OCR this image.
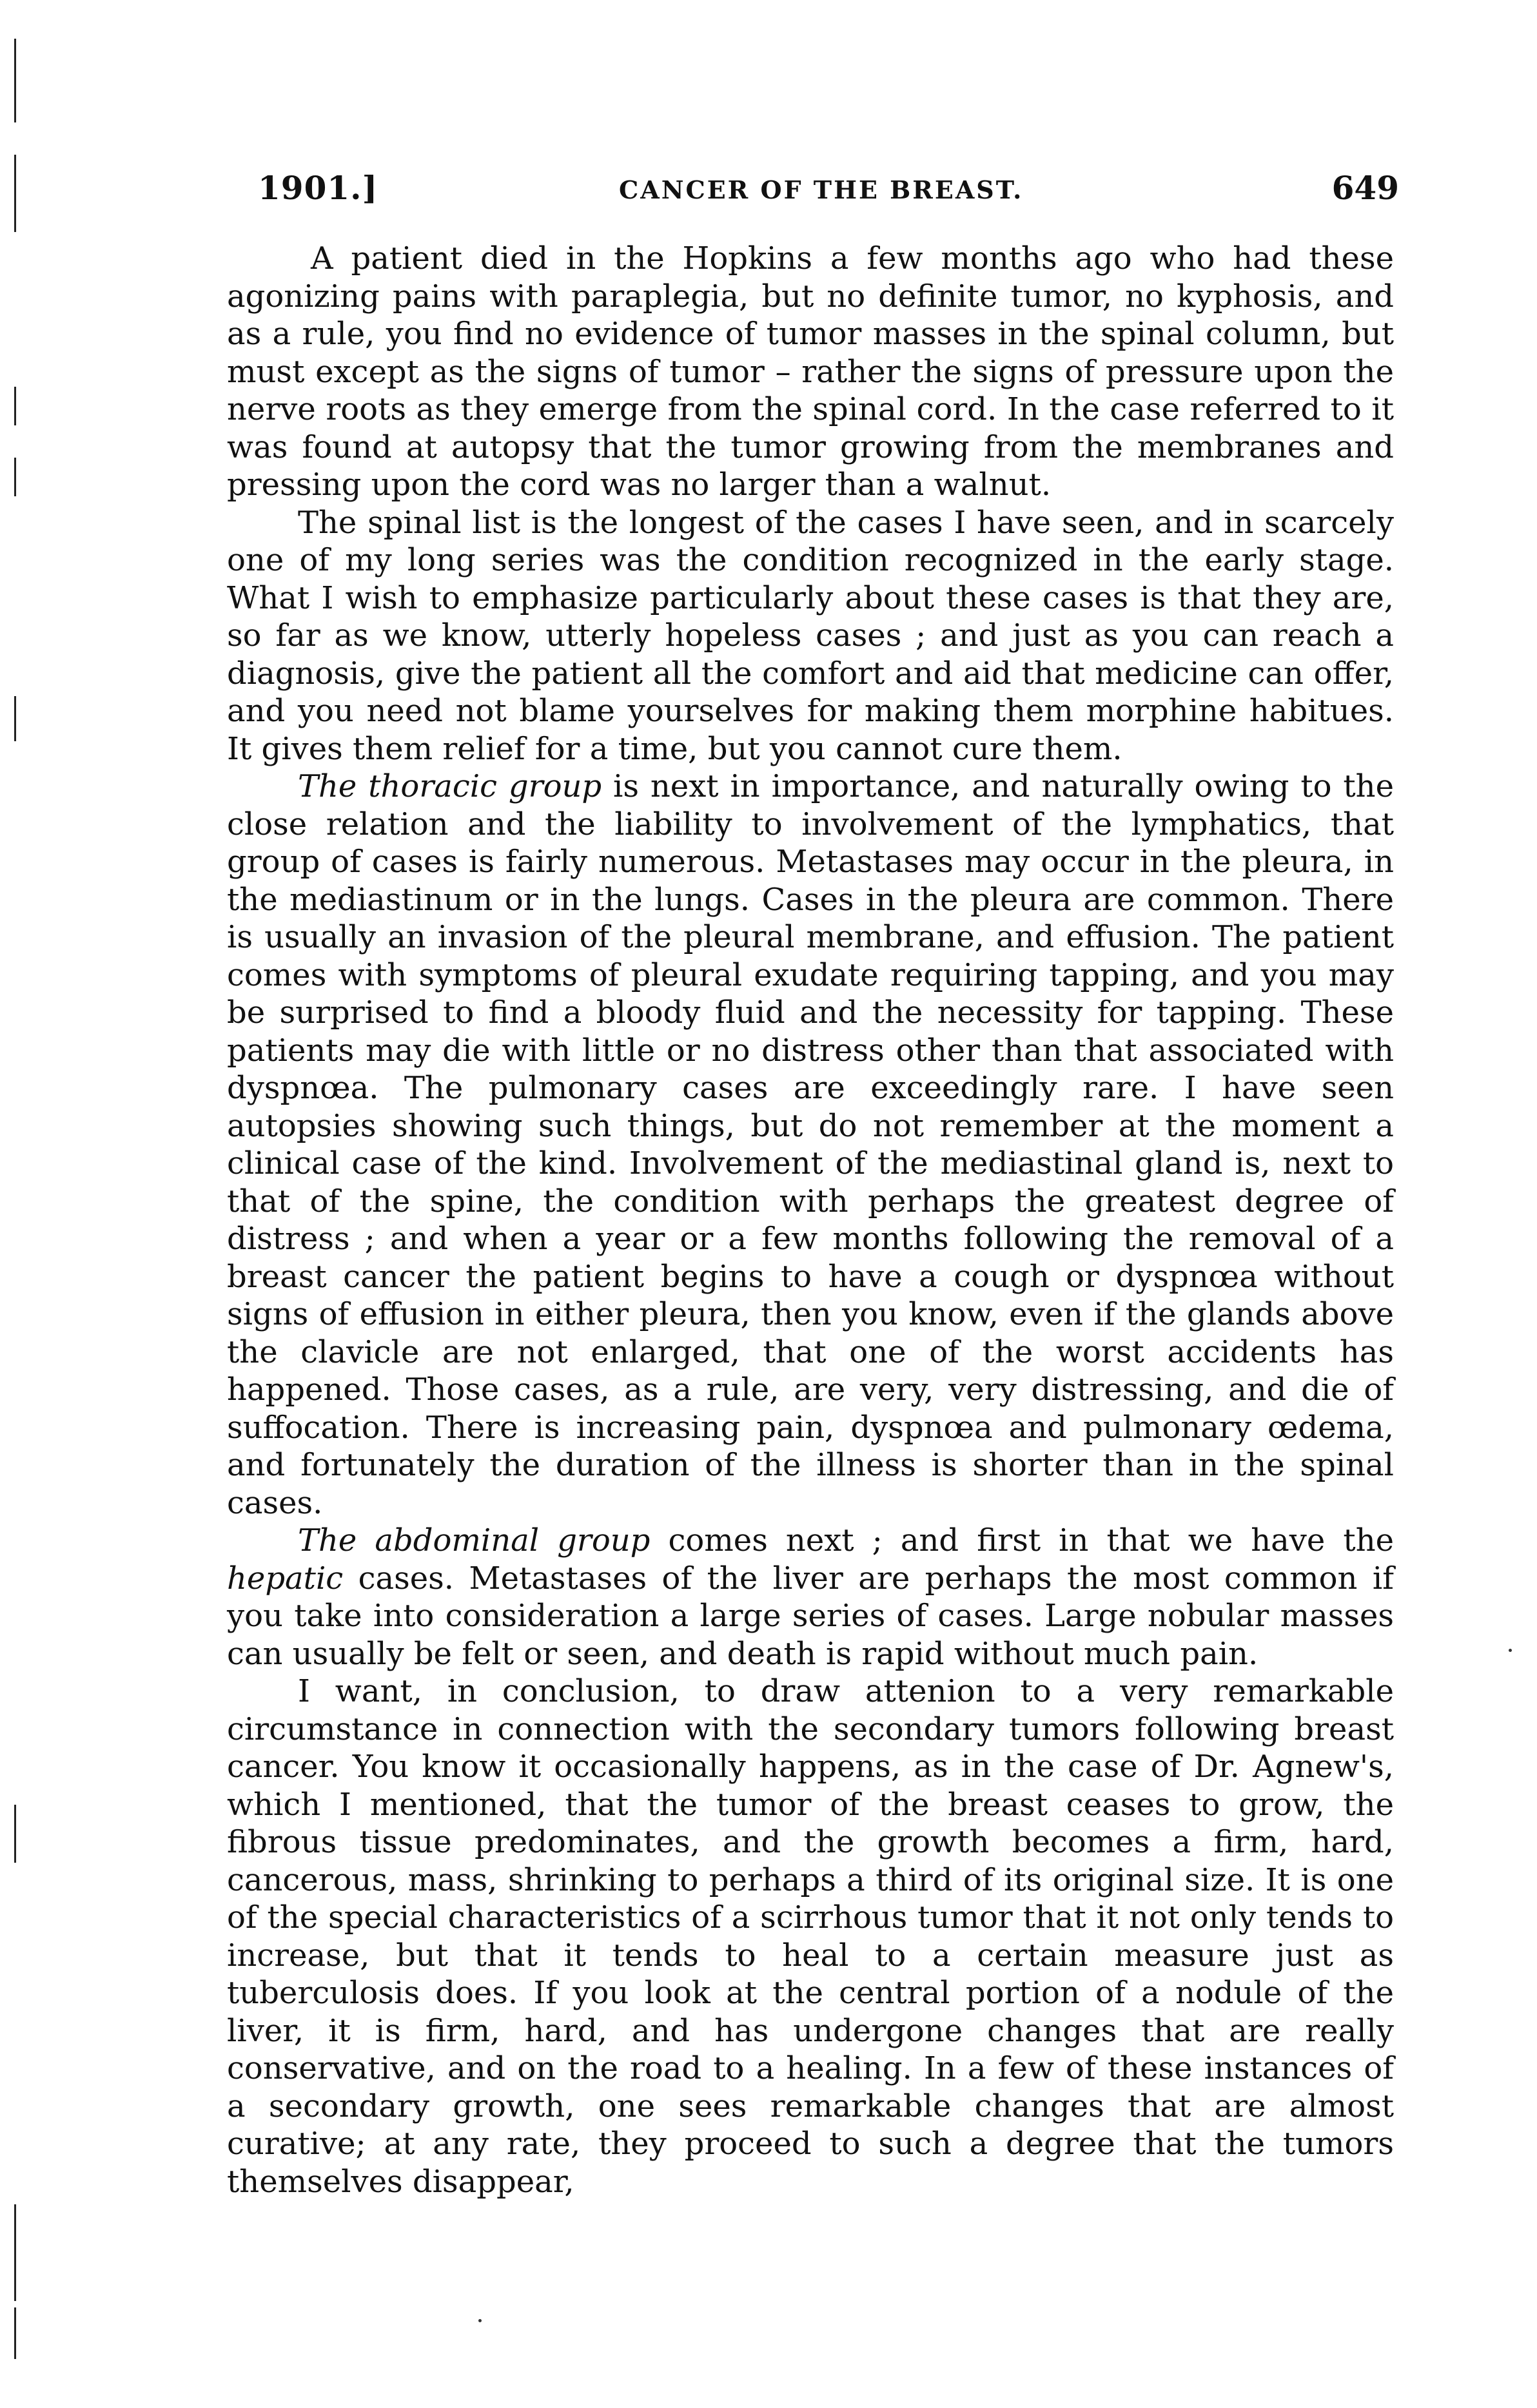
1901.]	CANCER OF THE BREAST.	649

A patient died in the Hopkins a few months ago who had these agonizing pains with paraplegia, but no definite tumor, no kyphosis, and as a rule, you find no evidence of tumor masses in the spinal column, but must except as the signs of tumor – rather the signs of pressure upon the nerve roots as they emerge from the spinal cord. In the case referred to it was found at autopsy that the tumor growing from the membranes and pressing upon the cord was no larger than a walnut.

The spinal list is the longest of the cases I have seen, and in scarcely one of my long series was the condition recognized in the early stage. What I wish to emphasize particularly about these cases is that they are, so far as we know, utterly hopeless cases ; and just as you can reach a diagnosis, give the patient all the comfort and aid that medicine can offer, and you need not blame yourselves for making them morphine habitues. It gives them relief for a time, but you cannot cure them.

The thoracic group is next in importance, and naturally owing to the close relation and the liability to involvement of the lymphatics, that group of cases is fairly numerous. Metastases may occur in the pleura, in the mediastinum or in the lungs. Cases in the pleura are common. There is usually an invasion of the pleural membrane, and effusion. The patient comes with symptoms of pleural exudate requiring tapping, and you may be surprised to find a bloody fluid and the necessity for tapping. These patients may die with little or no distress other than that associated with dyspnœa. The pulmonary cases are exceedingly rare. I have seen autopsies showing such things, but do not remember at the moment a clinical case of the kind. Involvement of the mediastinal gland is, next to that of the spine, the condition with perhaps the greatest degree of distress ; and when a year or a few months following the removal of a breast cancer the patient begins to have a cough or dyspnœa without signs of effusion in either pleura, then you know, even if the glands above the clavicle are not enlarged, that one of the worst accidents has happened. Those cases, as a rule, are very, very distressing, and die of suffocation. There is increasing pain, dyspnœa and pulmonary œdema, and fortunately the duration of the illness is shorter than in the spinal cases.

The abdominal group comes next ; and first in that we have the hepatic cases. Metastases of the liver are perhaps the most common if you take into consideration a large series of cases. Large nobular masses can usually be felt or seen, and death is rapid without much pain.

I want, in conclusion, to draw attenion to a very remarkable circumstance in connection with the secondary tumors following breast cancer. You know it occasionally happens, as in the case of Dr. Agnew's, which I mentioned, that the tumor of the breast ceases to grow, the fibrous tissue predominates, and the growth becomes a firm, hard, cancerous, mass, shrinking to perhaps a third of its original size. It is one of the special characteristics of a scirrhous tumor that it not only tends to increase, but that it tends to heal to a certain measure just as tuberculosis does. If you look at the central portion of a nodule of the liver, it is firm, hard, and has undergone changes that are really conservative, and on the road to a healing. In a few of these instances of a secondary growth, one sees remarkable changes that are almost curative; at any rate, they proceed to such a degree that the tumors themselves disappear,
